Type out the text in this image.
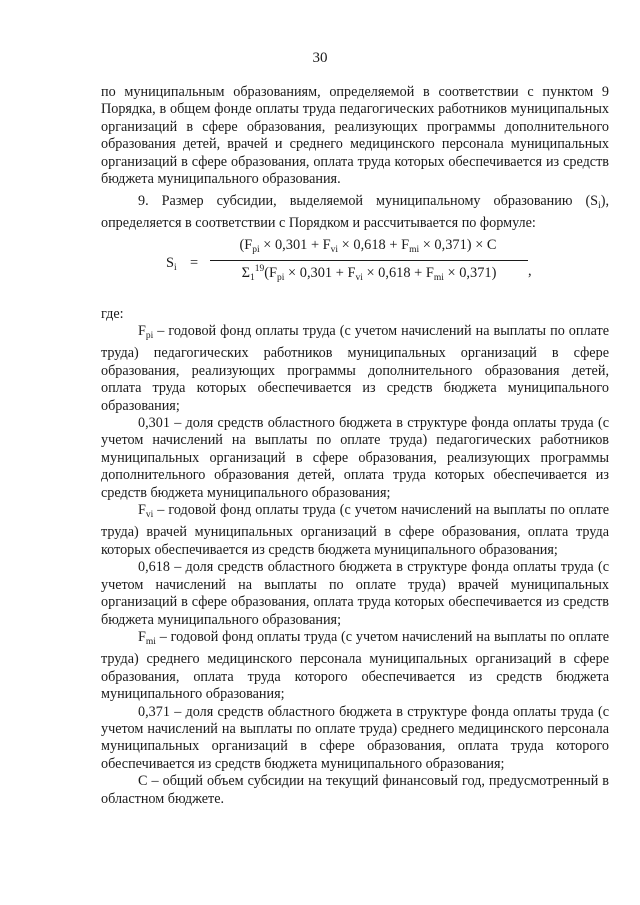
30

по муниципальным образованиям, определяемой в соответствии с пунктом 9 Порядка, в общем фонде оплаты труда педагогических работников муниципальных организаций в сфере образования, реализующих программы дополнительного образования детей, врачей и среднего медицинского персонала муниципальных организаций в сфере образования, оплата труда которых обеспечивается из средств бюджета муниципального образования.

9. Размер субсидии, выделяемой муниципальному образованию $(S_i)$, определяется в соответствии с Порядком и рассчитывается по формуле:

$S_i$ =
$(F_{pi} \times 0,301 + F_{vi} \times 0,618 + F_{mi} \times 0,371) \times C$
$\Sigma_1^{19}(F_{pi} \times 0,301 + F_{vi} \times 0,618 + F_{mi} \times 0,371)$	,
где:

$F_{pi}$ – годовой фонд оплаты труда (с учетом начислений на выплаты по оплате труда) педагогических работников муниципальных организаций в сфере образования, реализующих программы дополнительного образования детей, оплата труда которых обеспечивается из средств бюджета муниципального образования;

0,301 – доля средств областного бюджета в структуре фонда оплаты труда (с учетом начислений на выплаты по оплате труда) педагогических работников муниципальных организаций в сфере образования, реализующих программы дополнительного образования детей, оплата труда которых обеспечивается из средств бюджета муниципального образования;

$F_{vi}$ – годовой фонд оплаты труда (с учетом начислений на выплаты по оплате труда) врачей муниципальных организаций в сфере образования, оплата труда которых обеспечивается из средств бюджета муниципального образования;

0,618 – доля средств областного бюджета в структуре фонда оплаты труда (с учетом начислений на выплаты по оплате труда) врачей муниципальных организаций в сфере образования, оплата труда которых обеспечивается из средств бюджета муниципального образования;

$F_{mi}$ – годовой фонд оплаты труда (с учетом начислений на выплаты по оплате труда) среднего медицинского персонала муниципальных организаций в сфере образования, оплата труда которого обеспечивается из средств бюджета муниципального образования;

0,371 – доля средств областного бюджета в структуре фонда оплаты труда (с учетом начислений на выплаты по оплате труда) среднего медицинского персонала муниципальных организаций в сфере образования, оплата труда которого обеспечивается из средств бюджета муниципального образования;

C – общий объем субсидии на текущий финансовый год, предусмотренный в областном бюджете.
